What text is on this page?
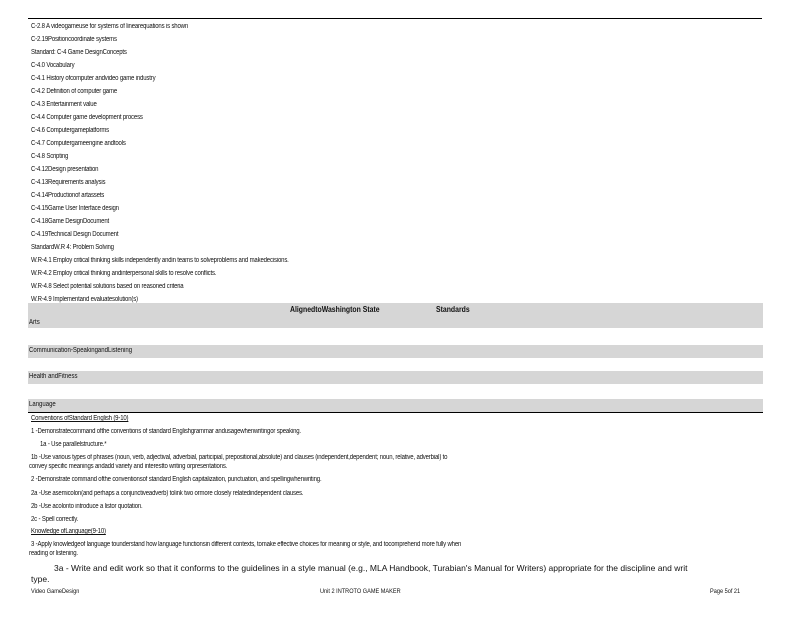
C-2.8 A videogameuse for systems of linearequations is shown
C-2.19Positioncoordinate systems
Standard: C-4 Game DesignConcepts
C-4.0 Vocabulary
C-4.1 History ofcomputer andvideo game industry
C-4.2 Definition of computer game
C-4.3 Entertainment value
C-4.4 Computer game development process
C-4.6 Computergameplatforms
C-4.7 Computergameengine andtools
C-4.8 Scripting
C-4.12Design presentation
C-4.13Requirements analysis
C-4.14Productionof artassets
C-4.15Game User Interface design
C-4.18Game DesignDocument
C-4.19Technical Design Document
StandardW.R 4: Problem Solving
W.R-4.1 Employ critical thinking skills independently andin teams to solveproblems and makedecisions.
W.R-4.2 Employ critical thinking andinterpersonal skills to resolve conflicts.
W.R-4.8 Select potential solutions based on reasoned criteria
W.R-4.9 Implementand evaluatesolution(s)
AlignedtoWashington State	Standards
Arts
Communication-SpeakingandListening
Health andFitness
Language
Conventions ofStandard English (9-10)
1 -Demonstratecommand ofthe conventions of standard Englishgrammar andusagewhenwritingor speaking.
1a - Use parallelstructure.*
1b -Use various types of phrases (noun, verb, adjectival, adverbial, participial, prepositional,absolute) and clauses (independent,dependent; noun, relative, adverbial) to
convey specific meanings andadd variety and interestto writing orpresentations.
2 -Demonstrate command ofthe conventionsof standard English capitalization, punctuation, and spellingwhenwriting.
2a -Use asemicolon(and perhaps a conjunctiveadverb) tolink two ormore closely relatedindependent clauses.
2b -Use acolonto introduce a listor quotation.
2c - Spell correctly.
Knowledge ofLanguage(9-10)
3 -Apply knowledgeof language tounderstand how language functionsin different contexts, tomake effective choices for meaning or style, and tocomprehend more fully when
reading or listening.
3a - Write and edit work so that it conforms to the guidelines in a style manual (e.g., MLA Handbook, Turabian's Manual for Writers) appropriate for the discipline and writ
type.
Video GameDesign	Unit 2 INTROTO GAME MAKER	Page 5of 21
